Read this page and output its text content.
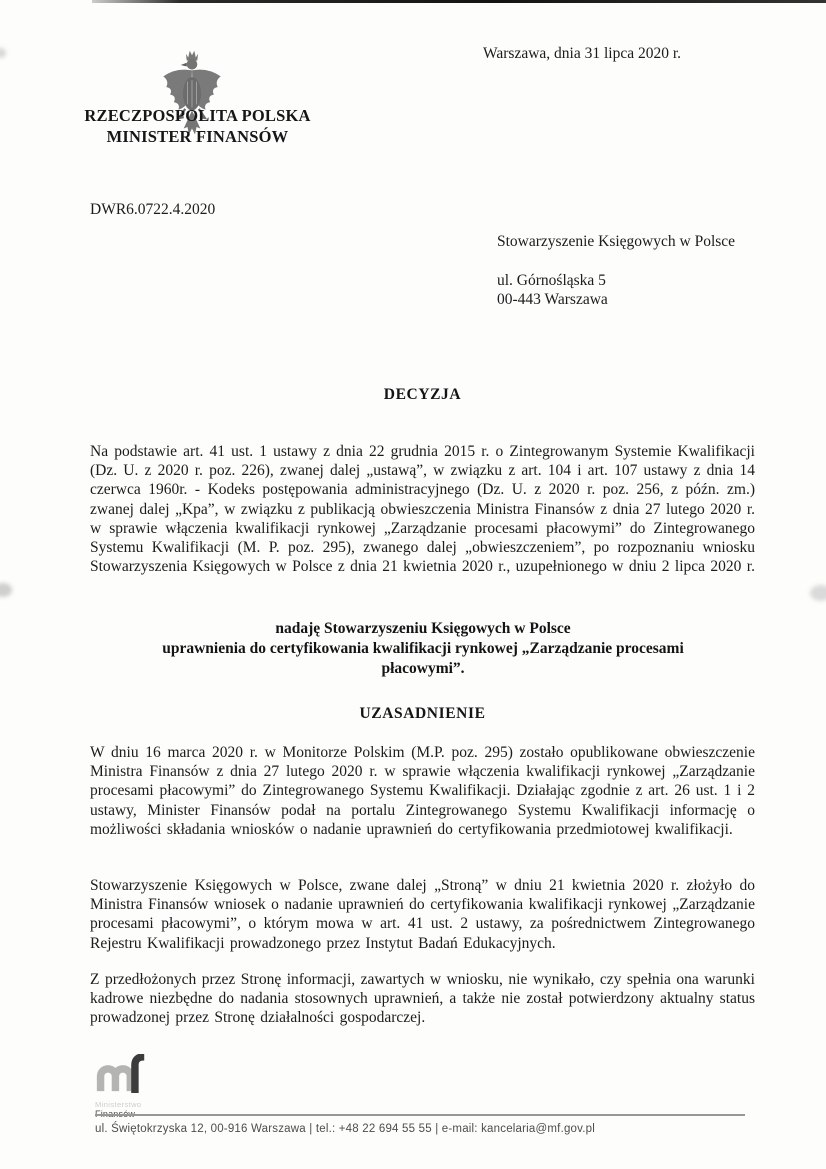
RZECZPOSPOLITA POLSKA
MINISTER FINANSÓW
Warszawa, dnia 31 lipca 2020 r.
DWR6.0722.4.2020
Stowarzyszenie Księgowych w Polsce
ul. Górnośląska 5
00-443 Warszawa
DECYZJA
Na podstawie art. 41 ust. 1 ustawy z dnia 22 grudnia 2015 r. o Zintegrowanym Systemie Kwalifikacji (Dz. U. z 2020 r. poz. 226), zwanej dalej „ustawą”, w związku z art. 104 i art. 107 ustawy z dnia 14 czerwca 1960r. - Kodeks postępowania administracyjnego (Dz. U. z 2020 r. poz. 256, z późn. zm.) zwanej dalej „Kpa”, w związku z publikacją obwieszczenia Ministra Finansów z dnia 27 lutego 2020 r. w sprawie włączenia kwalifikacji rynkowej „Zarządzanie procesami płacowymi” do Zintegrowanego Systemu Kwalifikacji (M. P. poz. 295), zwanego dalej „obwieszczeniem”, po rozpoznaniu wniosku Stowarzyszenia Księgowych w Polsce z dnia 21 kwietnia 2020 r., uzupełnionego w dniu 2 lipca 2020 r.
nadaję Stowarzyszeniu Księgowych w Polsce
uprawnienia do certyfikowania kwalifikacji rynkowej „Zarządzanie procesami
płacowymi”.
UZASADNIENIE
W dniu 16 marca 2020 r. w Monitorze Polskim (M.P. poz. 295) zostało opublikowane obwieszczenie Ministra Finansów z dnia 27 lutego 2020 r. w sprawie włączenia kwalifikacji rynkowej „Zarządzanie procesami płacowymi” do Zintegrowanego Systemu Kwalifikacji. Działając zgodnie z art. 26 ust. 1 i 2 ustawy, Minister Finansów podał na portalu Zintegrowanego Systemu Kwalifikacji informację o możliwości składania wniosków o nadanie uprawnień do certyfikowania przedmiotowej kwalifikacji.
Stowarzyszenie Księgowych w Polsce, zwane dalej „Stroną” w dniu 21 kwietnia 2020 r. złożyło do Ministra Finansów wniosek o nadanie uprawnień do certyfikowania kwalifikacji rynkowej „Zarządzanie procesami płacowymi”, o którym mowa w art. 41 ust. 2 ustawy, za pośrednictwem Zintegrowanego Rejestru Kwalifikacji prowadzonego przez Instytut Badań Edukacyjnych.
Z przedłożonych przez Stronę informacji, zawartych w wniosku, nie wynikało, czy spełnia ona warunki kadrowe niezbędne do nadania stosownych uprawnień, a także nie został potwierdzony aktualny status prowadzonej przez Stronę działalności gospodarczej.
Ministerstwo
ul. Świętokrzyska 12, 00-916 Warszawa | tel.: +48 22 694 55 55 | e-mail: kancelaria@mf.gov.pl
